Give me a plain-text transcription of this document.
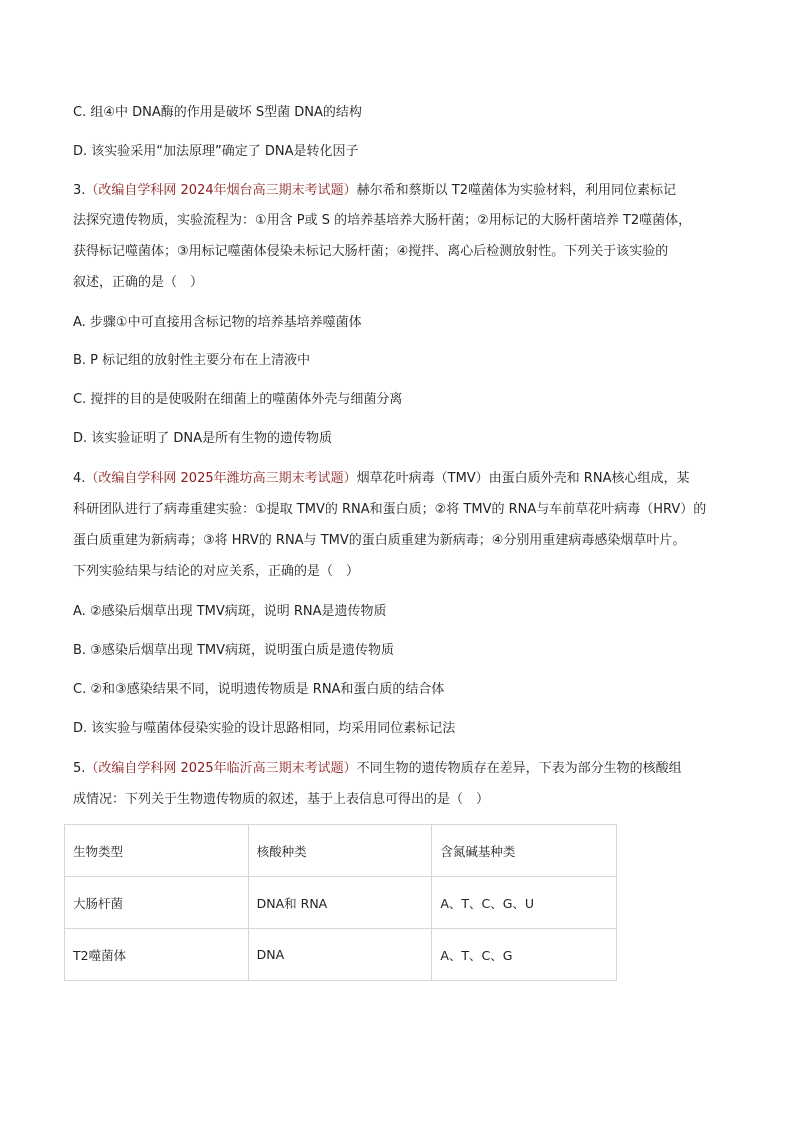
C. 组④中 DNA酶的作用是破坏 S型菌 DNA的结构
D. 该实验采用“加法原理”确定了 DNA是转化因子
3.（改编自学科网 2024年烟台高三期末考试题）赫尔希和蔡斯以 T2噬菌体为实验材料，利用同位素标记
法探究遗传物质，实验流程为：①用含 P或 S 的培养基培养大肠杆菌；②用标记的大肠杆菌培养 T2噬菌体，
获得标记噬菌体；③用标记噬菌体侵染未标记大肠杆菌；④搅拌、离心后检测放射性。下列关于该实验的
叙述，正确的是（　）
A. 步骤①中可直接用含标记物的培养基培养噬菌体
B. P 标记组的放射性主要分布在上清液中
C. 搅拌的目的是使吸附在细菌上的噬菌体外壳与细菌分离
D. 该实验证明了 DNA是所有生物的遗传物质
4.（改编自学科网 2025年潍坊高三期末考试题）烟草花叶病毒（TMV）由蛋白质外壳和 RNA核心组成，某
科研团队进行了病毒重建实验：①提取 TMV的 RNA和蛋白质；②将 TMV的 RNA与车前草花叶病毒（HRV）的
蛋白质重建为新病毒；③将 HRV的 RNA与 TMV的蛋白质重建为新病毒；④分别用重建病毒感染烟草叶片。
下列实验结果与结论的对应关系，正确的是（　）
A. ②感染后烟草出现 TMV病斑，说明 RNA是遗传物质
B. ③感染后烟草出现 TMV病斑，说明蛋白质是遗传物质
C. ②和③感染结果不同，说明遗传物质是 RNA和蛋白质的结合体
D. 该实验与噬菌体侵染实验的设计思路相同，均采用同位素标记法
5.（改编自学科网 2025年临沂高三期末考试题）不同生物的遗传物质存在差异，下表为部分生物的核酸组
成情况：下列关于生物遗传物质的叙述，基于上表信息可得出的是（　）
生物类型	核酸种类	含氮碱基种类
大肠杆菌	DNA和 RNA	A、T、C、G、U
T2噬菌体	DNA	A、T、C、G
